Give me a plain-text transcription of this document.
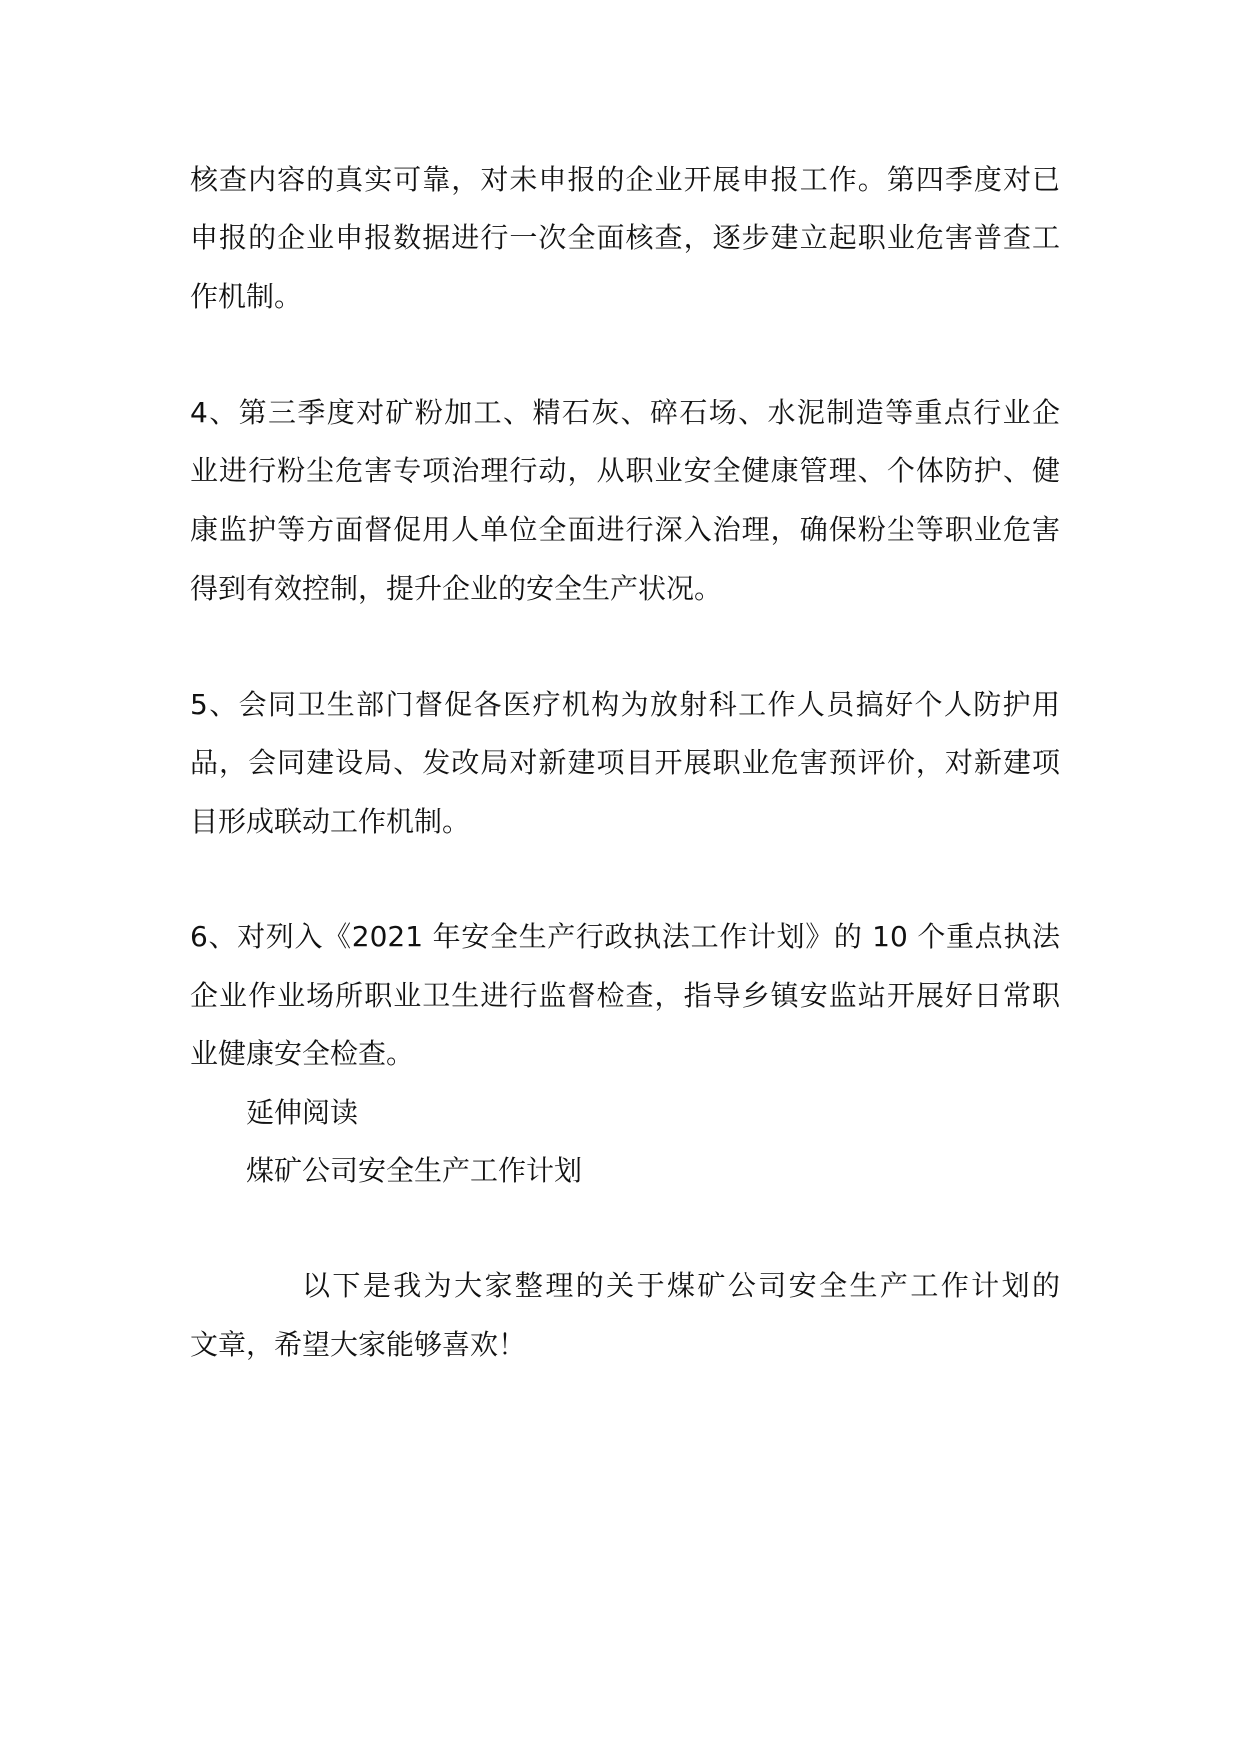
核查内容的真实可靠，对未申报的企业开展申报工作。第四季度对已
申报的企业申报数据进行一次全面核查，逐步建立起职业危害普查工
作机制。
4、第三季度对矿粉加工、精石灰、碎石场、水泥制造等重点行业企
业进行粉尘危害专项治理行动，从职业安全健康管理、个体防护、健
康监护等方面督促用人单位全面进行深入治理，确保粉尘等职业危害
得到有效控制，提升企业的安全生产状况。
5、会同卫生部门督促各医疗机构为放射科工作人员搞好个人防护用
品，会同建设局、发改局对新建项目开展职业危害预评价，对新建项
目形成联动工作机制。
6、对列入《2021 年安全生产行政执法工作计划》的 10 个重点执法
企业作业场所职业卫生进行监督检查，指导乡镇安监站开展好日常职
业健康安全检查。
延伸阅读
煤矿公司安全生产工作计划
以下是我为大家整理的关于煤矿公司安全生产工作计划的
文章，希望大家能够喜欢！
